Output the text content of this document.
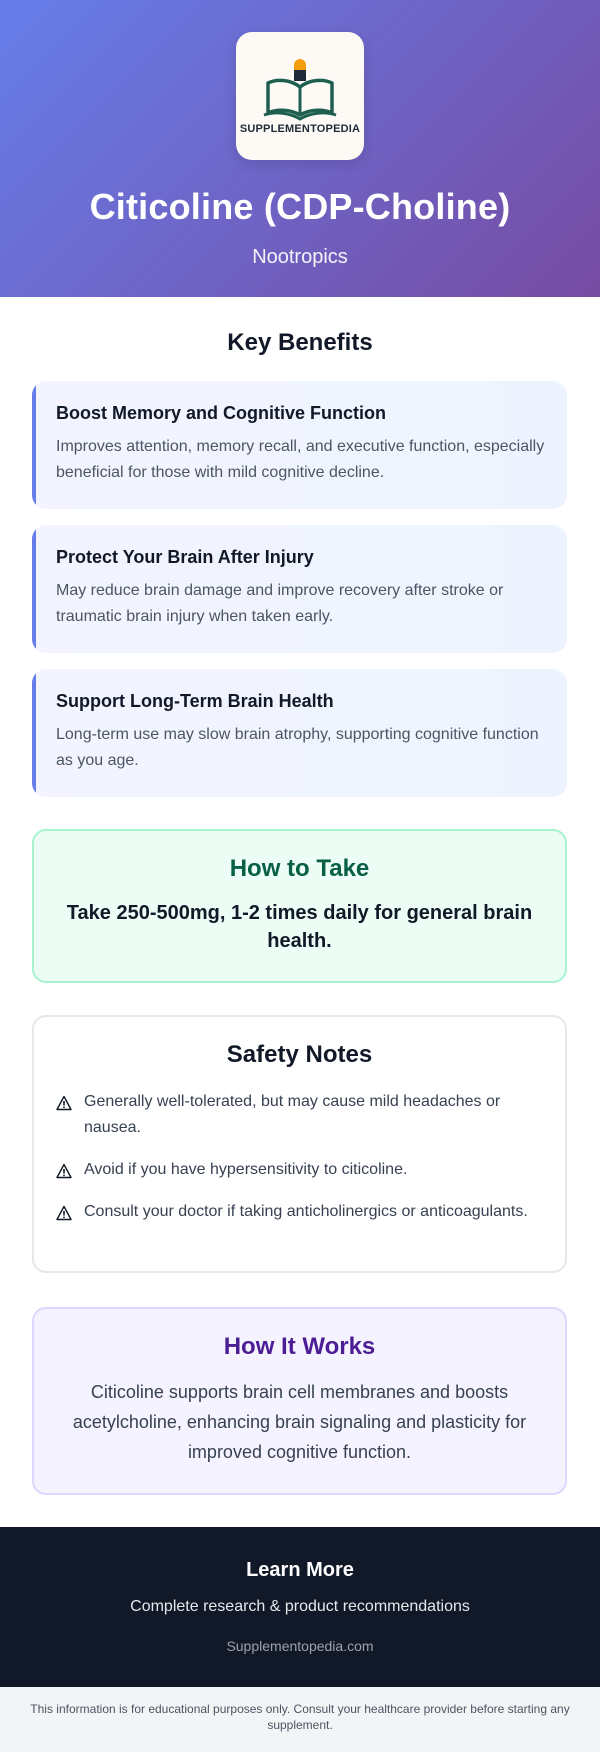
SUPPLEMENTOPEDIA
Citicoline (CDP-Choline)
Nootropics
Key Benefits
Boost Memory and Cognitive Function

Improves attention, memory recall, and executive function, especially beneficial for those with mild cognitive decline.

Protect Your Brain After Injury

May reduce brain damage and improve recovery after stroke or traumatic brain injury when taken early.

Support Long-Term Brain Health

Long-term use may slow brain atrophy, supporting cognitive function as you age.

How to Take

Take 250-500mg, 1-2 times daily for general brain health.

Safety Notes

Generally well-tolerated, but may cause mild headaches or nausea.

Avoid if you have hypersensitivity to citicoline.

Consult your doctor if taking anticholinergics or anticoagulants.

How It Works

Citicoline supports brain cell membranes and boosts acetylcholine, enhancing brain signaling and plasticity for improved cognitive function.

Learn More
Complete research & product recommendations
Supplementopedia.com
This information is for educational purposes only. Consult your healthcare provider before starting any supplement.
